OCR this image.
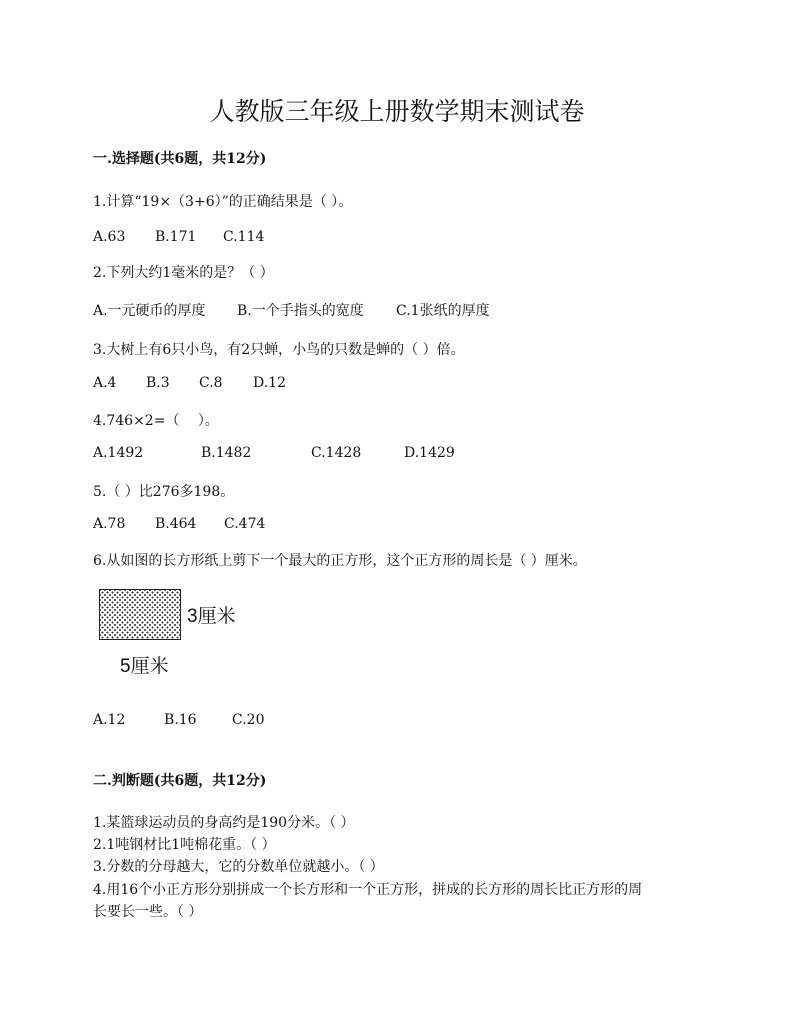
人教版三年级上册数学期末测试卷
一.选择题(共6题，共12分)
1.计算“19×（3+6）”的正确结果是（ ）。
A.63 B.171 C.114
2.下列大约1毫米的是？（ ）
A.一元硬币的厚度 B.一个手指头的宽度 C.1张纸的厚度
3.大树上有6只小鸟，有2只蝉，小鸟的只数是蝉的（ ）倍。
A.4 B.3 C.8 D.12
4.746×2=（　 ）。
A.1492	B.1482	C.1428	D.1429
5.（ ）比276多198。
A.78 B.464 C.474
6.从如图的长方形纸上剪下一个最大的正方形，这个正方形的周长是（ ）厘米。
3厘米
5厘米
A.12	B.16	C.20
二.判断题(共6题，共12分)
1.某篮球运动员的身高约是190分米。（ ）
2.1吨钢材比1吨棉花重。（ ）
3.分数的分母越大，它的分数单位就越小。（ ）
4.用16个小正方形分别拼成一个长方形和一个正方形，拼成的长方形的周长比正方形的周
长要长一些。（ ）
